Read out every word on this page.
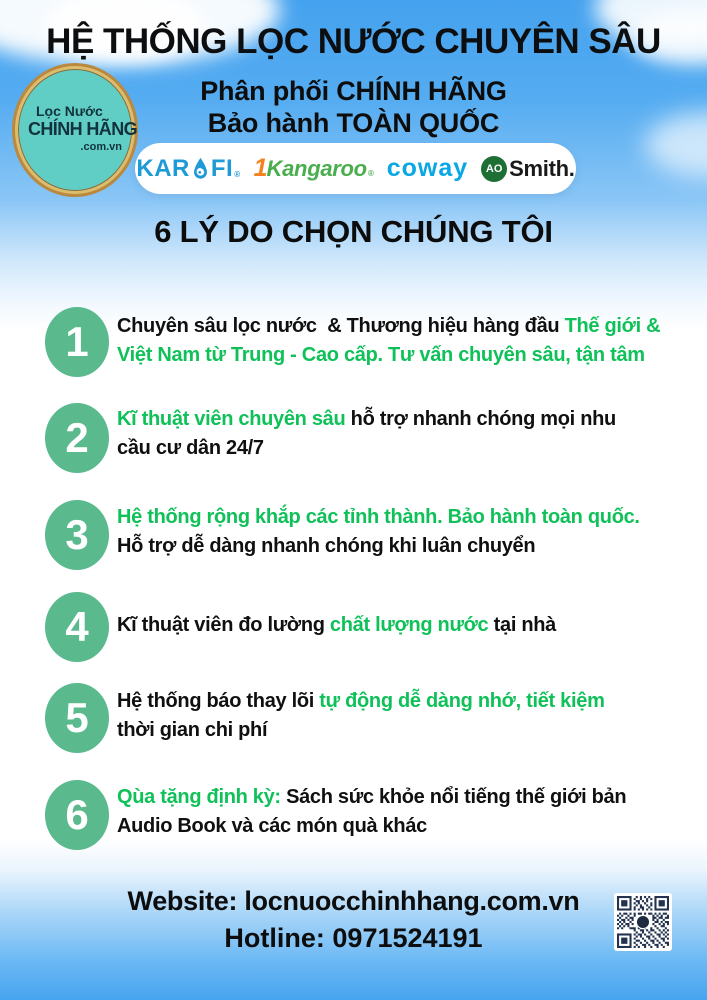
HỆ THỐNG LỌC NƯỚC CHUYÊN SÂU
Lọc Nước
CHÍNH HÃNG
.com.vn
Phân phối CHÍNH HÃNG
Bảo hành TOÀN QUỐC
KAR FI ® 1 Kangaroo ® coway	AO Smith.
6 LÝ DO CHỌN CHÚNG TÔI
1	Chuyên sâu lọc nước  & Thương hiệu hàng đầu Thế giới &
Việt Nam từ Trung - Cao cấp. Tư vấn chuyên sâu, tận tâm
2	Kĩ thuật viên chuyên sâu hỗ trợ nhanh chóng mọi nhu
cầu cư dân 24/7
3	Hệ thống rộng khắp các tỉnh thành. Bảo hành toàn quốc.
Hỗ trợ dễ dàng nhanh chóng khi luân chuyển
4	Kĩ thuật viên đo lường chất lượng nước tại nhà
5	Hệ thống báo thay lõi tự động dễ dàng nhớ, tiết kiệm
thời gian chi phí
6	Qùa tặng định kỳ: Sách sức khỏe nổi tiếng thế giới bản
Audio Book và các món quà khác
Website: locnuocchinhhang.com.vn
Hotline: 0971524191
